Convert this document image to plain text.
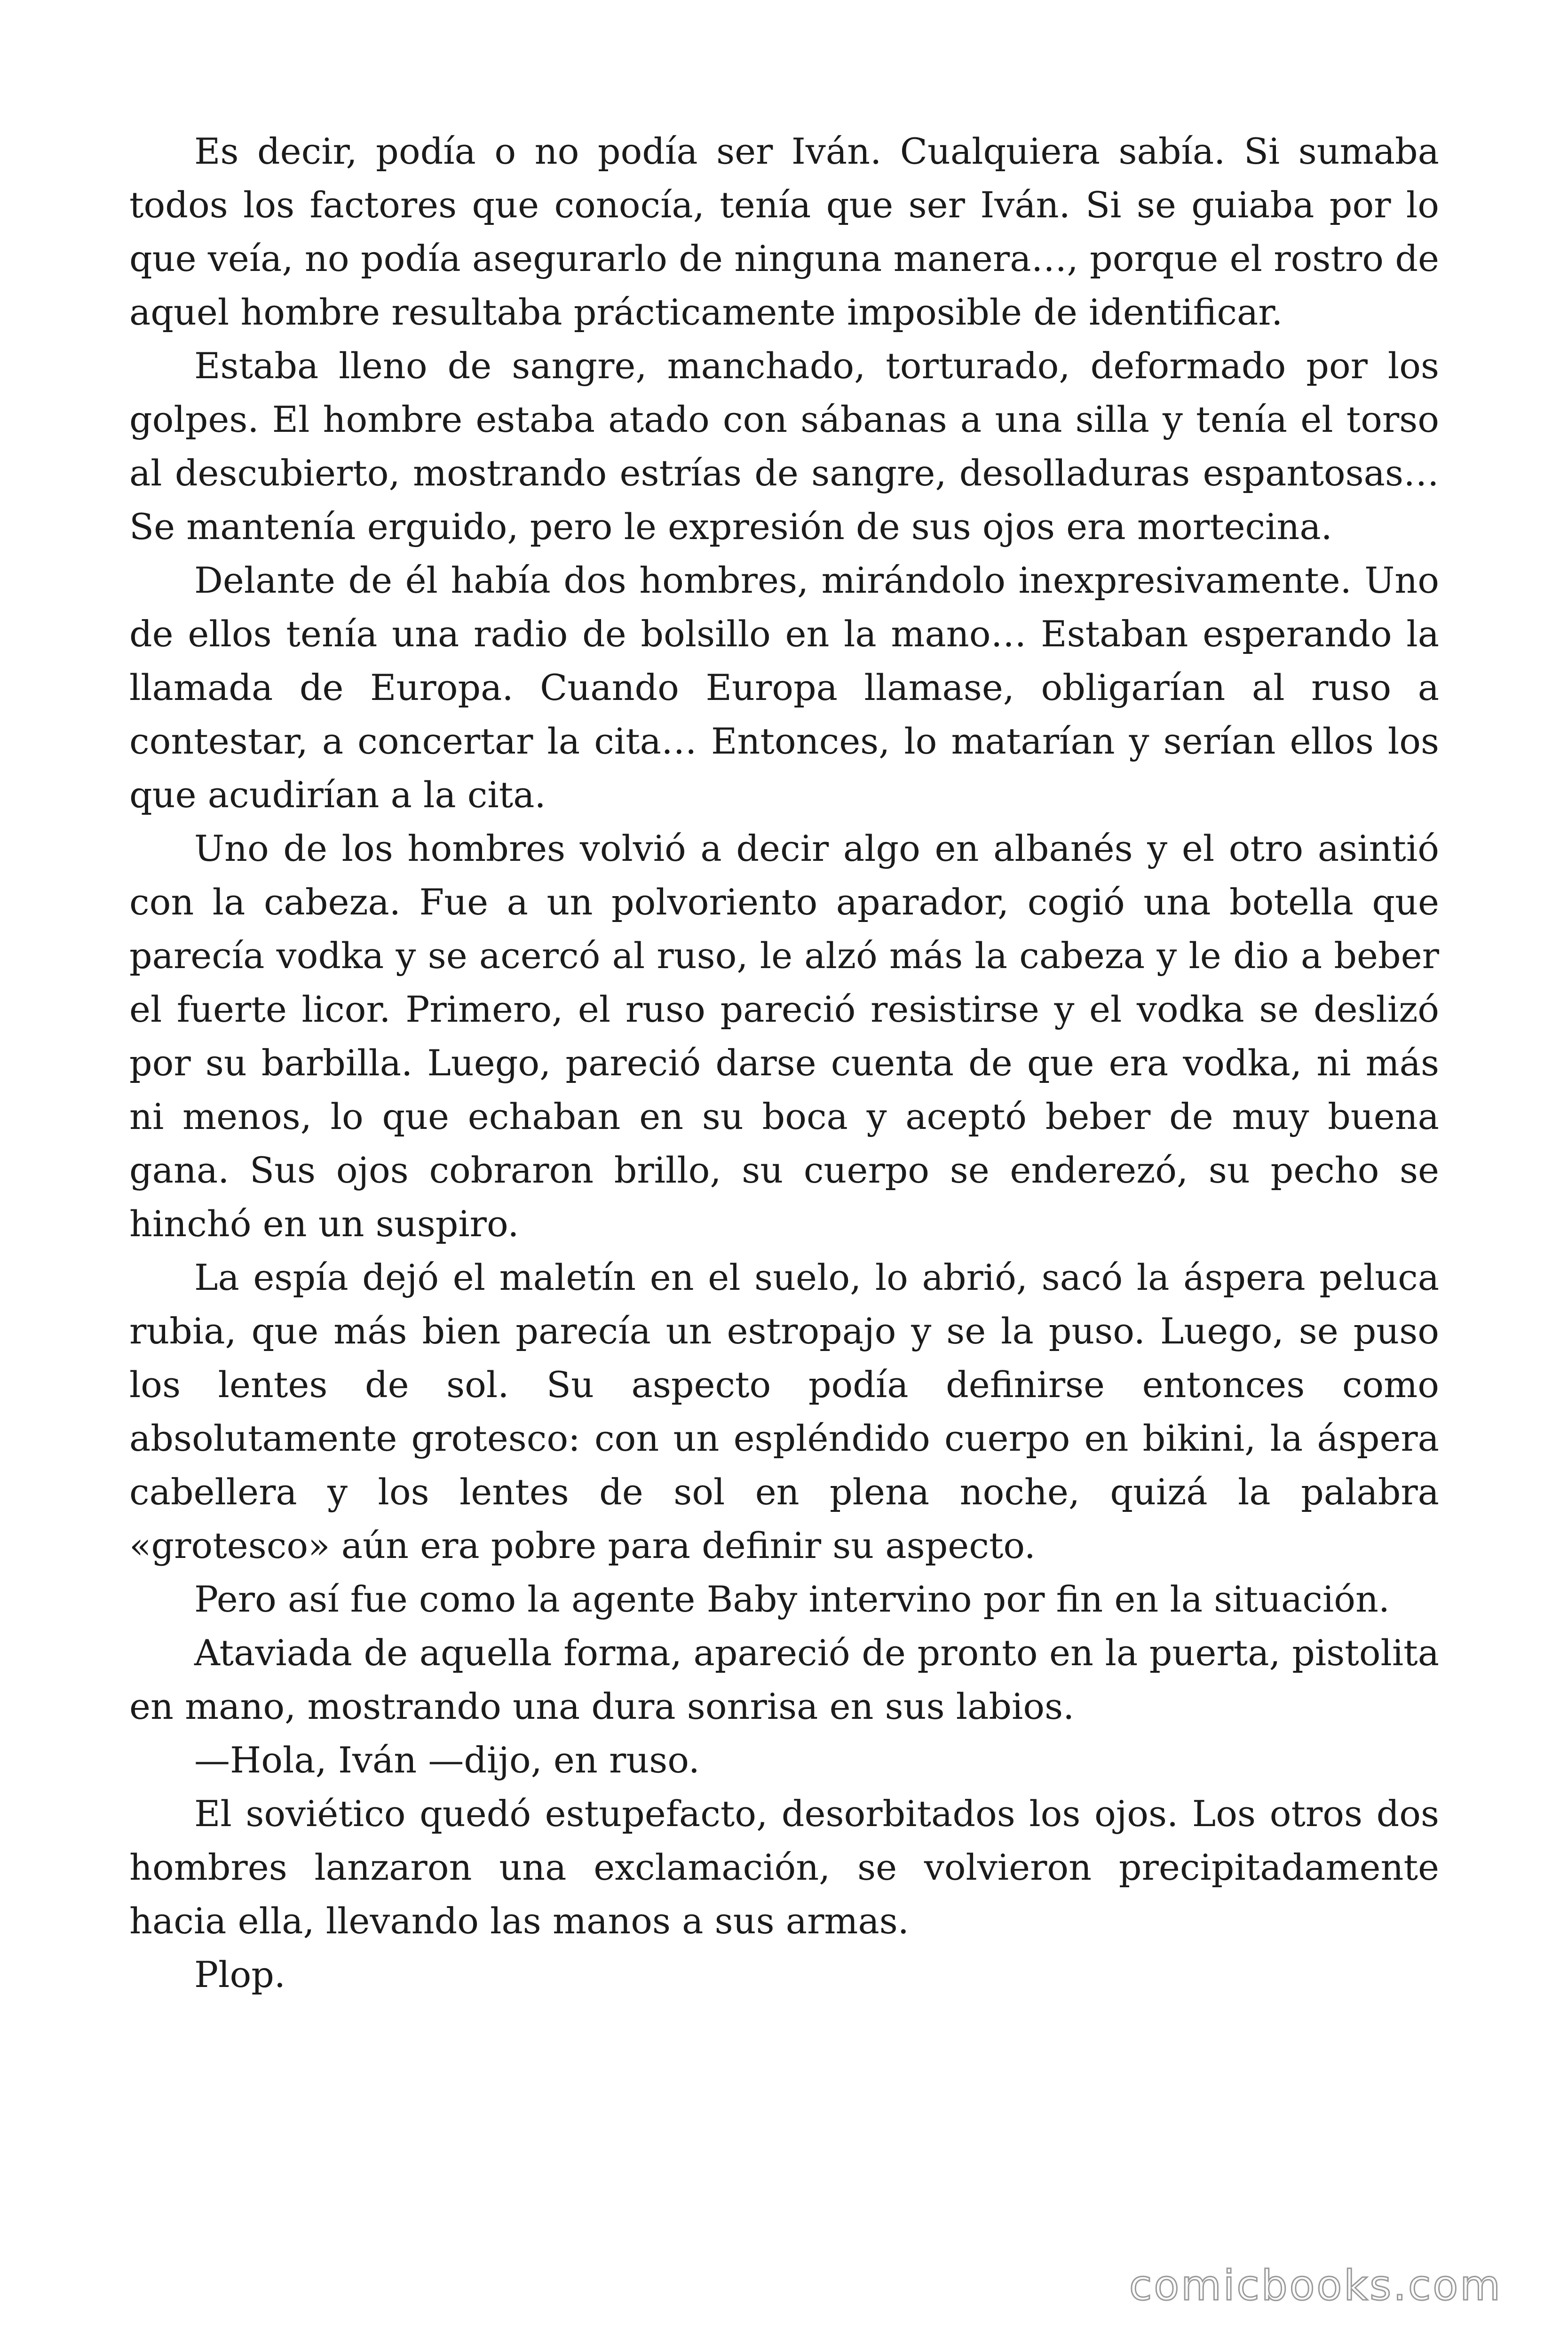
Es decir, podía o no podía ser Iván. Cualquiera sabía. Si sumaba todos los factores que conocía, tenía que ser Iván. Si se guiaba por lo que veía, no podía asegurarlo de ninguna manera…, porque el rostro de aquel hombre resultaba prácticamente imposible de identificar.

Estaba lleno de sangre, manchado, torturado, deformado por los golpes. El hombre estaba atado con sábanas a una silla y tenía el torso al descubierto, mostrando estrías de sangre, desolladuras espantosas… Se mantenía erguido, pero le expresión de sus ojos era mortecina.

Delante de él había dos hombres, mirándolo inexpresivamente. Uno de ellos tenía una radio de bolsillo en la mano… Estaban esperando la llamada de Europa. Cuando Europa llamase, obligarían al ruso a contestar, a concertar la cita… Entonces, lo matarían y serían ellos los que acudirían a la cita.

Uno de los hombres volvió a decir algo en albanés y el otro asintió con la cabeza. Fue a un polvoriento aparador, cogió una botella que parecía vodka y se acercó al ruso, le alzó más la cabeza y le dio a beber el fuerte licor. Primero, el ruso pareció resistirse y el vodka se deslizó por su barbilla. Luego, pareció darse cuenta de que era vodka, ni más ni menos, lo que echaban en su boca y aceptó beber de muy buena gana. Sus ojos cobraron brillo, su cuerpo se enderezó, su pecho se hinchó en un suspiro.

La espía dejó el maletín en el suelo, lo abrió, sacó la áspera peluca rubia, que más bien parecía un estropajo y se la puso. Luego, se puso los lentes de sol. Su aspecto podía definirse entonces como absolutamente grotesco: con un espléndido cuerpo en bikini, la áspera cabellera y los lentes de sol en plena noche, quizá la palabra «grotesco» aún era pobre para definir su aspecto.

Pero así fue como la agente Baby intervino por fin en la situación.

Ataviada de aquella forma, apareció de pronto en la puerta, pistolita en mano, mostrando una dura sonrisa en sus labios.

—Hola, Iván —dijo, en ruso.

El soviético quedó estupefacto, desorbitados los ojos. Los otros dos hombres lanzaron una exclamación, se volvieron precipitadamente hacia ella, llevando las manos a sus armas.

Plop.

comicbooks.com
